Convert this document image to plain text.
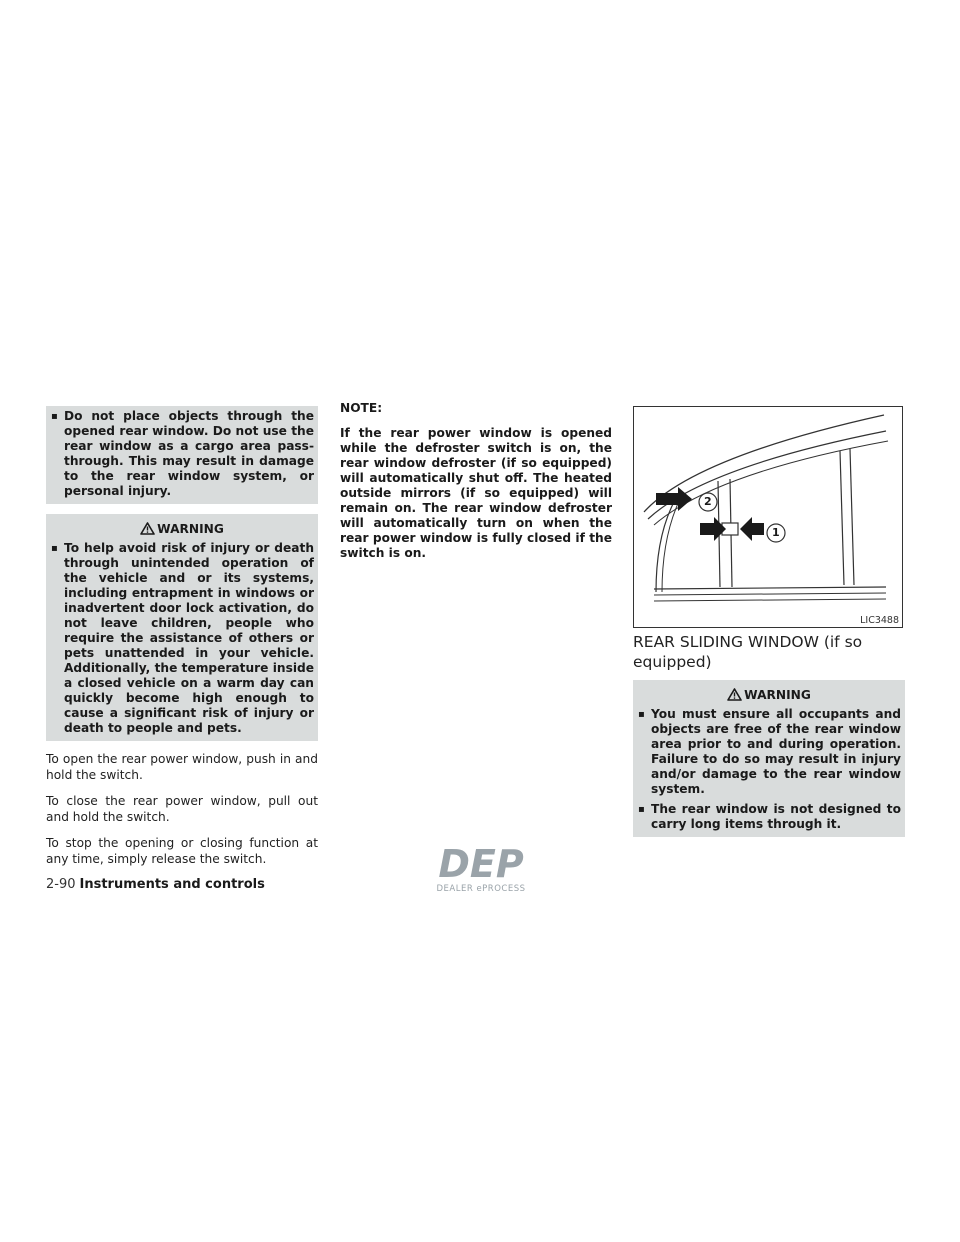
▪ Do not place objects through the opened rear window. Do not use the rear window as a cargo area pass-through. This may result in damage to the rear window system, or personal injury.
WARNING
▪ To help avoid risk of injury or death through unintended operation of the vehicle and or its systems, including entrapment in windows or inadvertent door lock activation, do not leave children, people who require the assistance of others or pets unattended in your vehicle. Additionally, the temperature inside a closed vehicle on a warm day can quickly become high enough to cause a significant risk of injury or death to people and pets.

To open the rear power window, push in and hold the switch.

To close the rear power window, pull out and hold the switch.

To stop the opening or closing function at any time, simply release the switch.

NOTE:

If the rear power window is opened while the defroster switch is on, the rear window defroster (if so equipped) will automatically shut off. The heated outside mirrors (if so equipped) will remain on. The rear window defroster will automatically turn on when the rear power window is fully closed if the switch is on.

2
1
LIC3488
REAR SLIDING WINDOW (if so equipped)
WARNING
▪ You must ensure all occupants and objects are free of the rear window area prior to and during operation. Failure to do so may result in injury and/or damage to the rear window system.
▪ The rear window is not designed to carry long items through it.
DEP
DEALER ePROCESS
2-90 Instruments and controls
